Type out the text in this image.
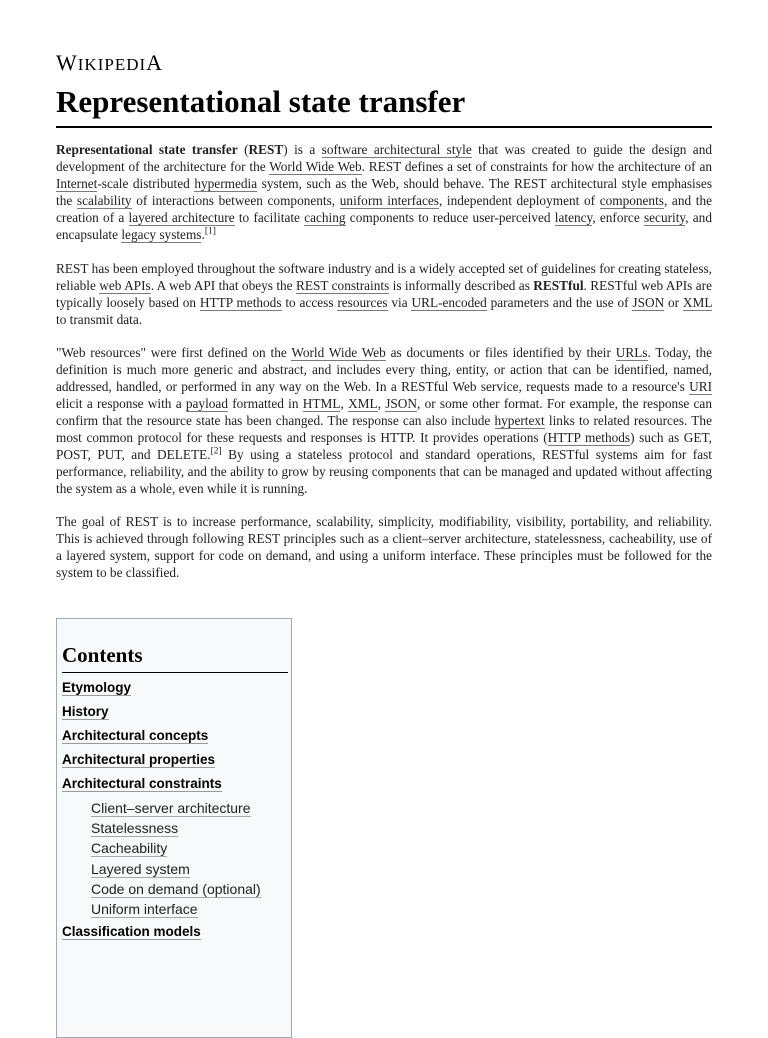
WIKIPEDIA
Representational state transfer

Representational state transfer (REST) is a software architectural style that was created to guide the design and development of the architecture for the World Wide Web. REST defines a set of constraints for how the architecture of an Internet-scale distributed hypermedia system, such as the Web, should behave. The REST architectural style emphasises the scalability of interactions between components, uniform interfaces, independent deployment of components, and the creation of a layered architecture to facilitate caching components to reduce user-perceived latency, enforce security, and encapsulate legacy systems.[1]

REST has been employed throughout the software industry and is a widely accepted set of guidelines for creating stateless, reliable web APIs. A web API that obeys the REST constraints is informally described as RESTful. RESTful web APIs are typically loosely based on HTTP methods to access resources via URL-encoded parameters and the use of JSON or XML to transmit data.

"Web resources" were first defined on the World Wide Web as documents or files identified by their URLs. Today, the definition is much more generic and abstract, and includes every thing, entity, or action that can be identified, named, addressed, handled, or performed in any way on the Web. In a RESTful Web service, requests made to a resource's URI elicit a response with a payload formatted in HTML, XML, JSON, or some other format. For example, the response can confirm that the resource state has been changed. The response can also include hypertext links to related resources. The most common protocol for these requests and responses is HTTP. It provides operations (HTTP methods) such as GET, POST, PUT, and DELETE.[2] By using a stateless protocol and standard operations, RESTful systems aim for fast performance, reliability, and the ability to grow by reusing components that can be managed and updated without affecting the system as a whole, even while it is running.

The goal of REST is to increase performance, scalability, simplicity, modifiability, visibility, portability, and reliability. This is achieved through following REST principles such as a client–server architecture, statelessness, cacheability, use of a layered system, support for code on demand, and using a uniform interface. These principles must be followed for the system to be classified.

Contents
Etymology
History
Architectural concepts
Architectural properties
Architectural constraints
Client–server architecture
Statelessness
Cacheability
Layered system
Code on demand (optional)
Uniform interface
Classification models
